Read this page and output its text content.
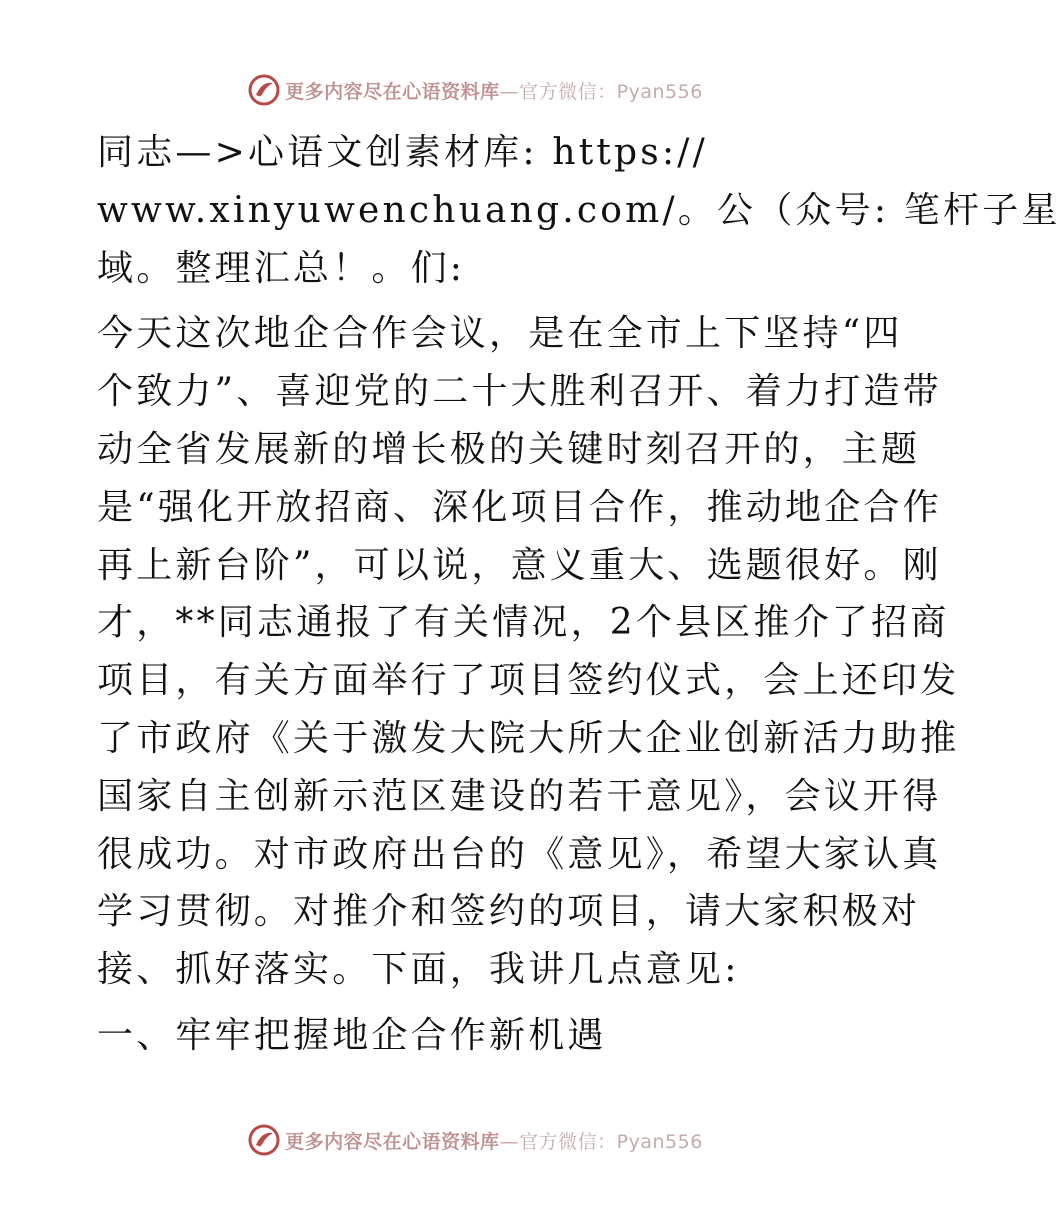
更多内容尽在心语资料库—官方微信：Pyan556

同志—>心语文创素材库: https://
www.xinyuwenchuang.com/。公（众号: 笔杆子星
域。整理汇总！。们:

今天这次地企合作会议，是在全市上下坚持“四
个致力”、喜迎党的二十大胜利召开、着力打造带
动全省发展新的增长极的关键时刻召开的，主题
是“强化开放招商、深化项目合作，推动地企合作
再上新台阶”，可以说，意义重大、选题很好。刚
才，**同志通报了有关情况，2个县区推介了招商
项目，有关方面举行了项目签约仪式，会上还印发
了市政府《关于激发大院大所大企业创新活力助推
国家自主创新示范区建设的若干意见》，会议开得
很成功。对市政府出台的《意见》，希望大家认真
学习贯彻。对推介和签约的项目，请大家积极对
接、抓好落实。下面，我讲几点意见:

一、牢牢把握地企合作新机遇
更多内容尽在心语资料库—官方微信：Pyan556
